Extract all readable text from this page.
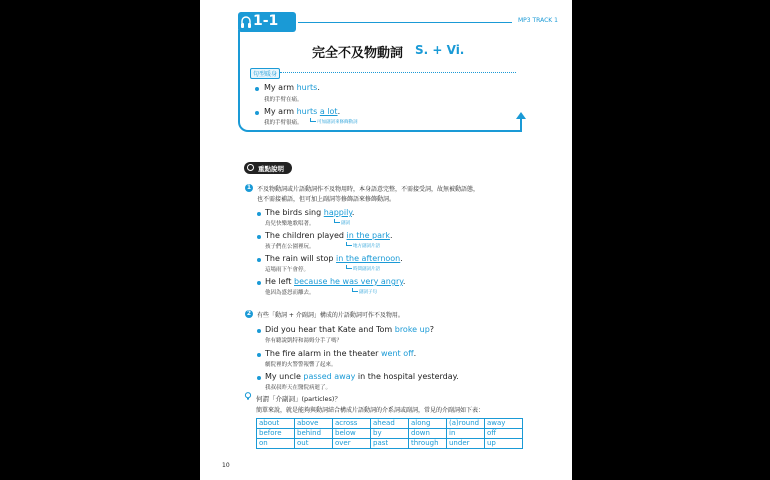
1-1	MP3 TRACK 1
完全不及物動詞 S. + Vi.
句型暖身
My arm hurts.
我的手臂在痛。
My arm hurts a lot.
我的手臂很痛。	可加副詞來修飾動詞
重點說明
1 不及物動詞或片語動詞作不及物用時，本身語意完整，不需接受詞，故無被動語態，
也不需接補語，但可加上副詞等修飾語來修飾動詞。
The birds sing happily.
鳥兒快樂地歌唱著。	副詞
The children played in the park.
孩子們在公園裡玩。	地方副詞片語
The rain will stop in the afternoon.
這場雨下午會停。	時間副詞片語
He left because he was very angry.
他因為盛怒而離去。	副詞子句
2 有些「動詞 + 介副詞」構成的片語動詞可作不及物用。
Did you hear that Kate and Tom broke up?
你有聽說凱特和湯姆分手了嗎？
The fire alarm in the theater went off.
劇院裡的火警警報響了起來。
My uncle passed away in the hospital yesterday.
我叔叔昨天在醫院病逝了。
何謂「介副詞」(particles)？
簡單來說，就是能夠與動詞結合構成片語動詞的介系詞或副詞，常見的介副詞如下表：
about	above	across	ahead	along	(a)round	away
before	behind	below	by	down	in	off
on	out	over	past	through	under	up
10
